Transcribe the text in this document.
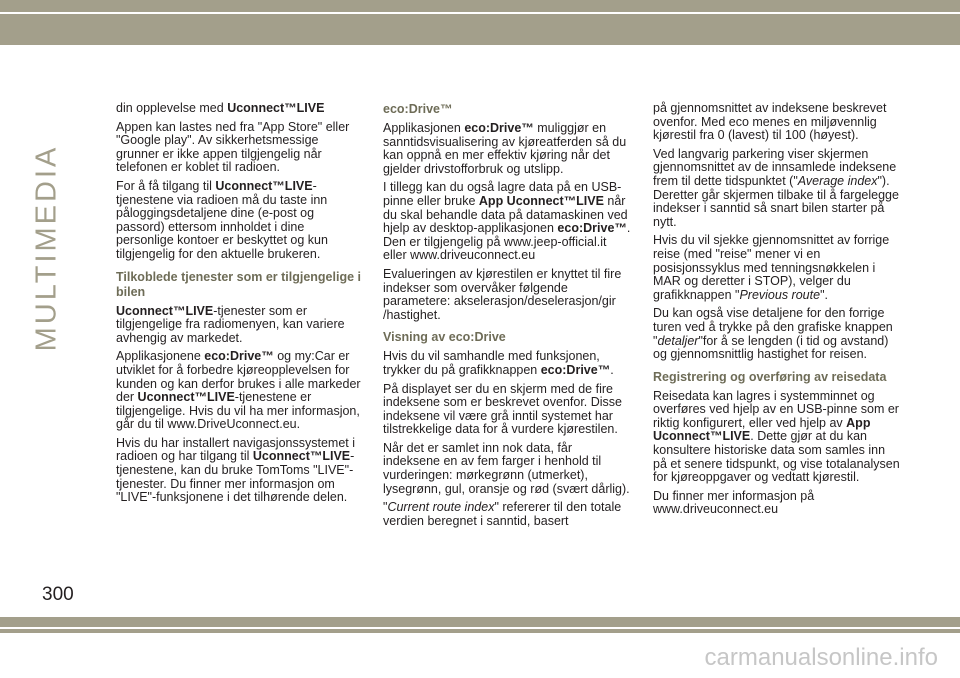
MULTIMEDIA

din opplevelse med Uconnect™LIVE

Appen kan lastes ned fra "App Store" eller "Google play". Av sikkerhetsmessige grunner er ikke appen tilgjengelig når telefonen er koblet til radioen.

For å få tilgang til Uconnect™LIVE-tjenestene via radioen må du taste inn påloggingsdetaljene dine (e-post og passord) ettersom innholdet i dine personlige kontoer er beskyttet og kun tilgjengelig for den aktuelle brukeren.

Tilkoblede tjenester som er tilgjengelige i bilen

Uconnect™LIVE-tjenester som er tilgjengelige fra radiomenyen, kan variere avhengig av markedet.

Applikasjonene eco:Drive™ og my:Car er utviklet for å forbedre kjøreopplevelsen for kunden og kan derfor brukes i alle markeder der Uconnect™LIVE-tjenestene er tilgjengelige. Hvis du vil ha mer informasjon, går du til www.DriveUconnect.eu.

Hvis du har installert navigasjonssystemet i radioen og har tilgang til Uconnect™LIVE-tjenestene, kan du bruke TomToms "LIVE"-tjenester. Du finner mer informasjon om "LIVE"-funksjonene i det tilhørende delen.

eco:Drive™

Applikasjonen eco:Drive™ muliggjør en sanntidsvisualisering av kjøreatferden så du kan oppnå en mer effektiv kjøring når det gjelder drivstofforbruk og utslipp.

I tillegg kan du også lagre data på en USB-pinne eller bruke App Uconnect™LIVE når du skal behandle data på datamaskinen ved hjelp av desktop-applikasjonen eco:Drive™. Den er tilgjengelig på www.jeep-official.it eller www.driveuconnect.eu

Evalueringen av kjørestilen er knyttet til fire indekser som overvåker følgende parametere: akselerasjon/deselerasjon/gir /hastighet.

Visning av eco:Drive

Hvis du vil samhandle med funksjonen, trykker du på grafikknappen eco:Drive™.

På displayet ser du en skjerm med de fire indeksene som er beskrevet ovenfor. Disse indeksene vil være grå inntil systemet har tilstrekkelige data for å vurdere kjørestilen.

Når det er samlet inn nok data, får indeksene en av fem farger i henhold til vurderingen: mørkegrønn (utmerket), lysegrønn, gul, oransje og rød (svært dårlig).

"Current route index" refererer til den totale verdien beregnet i sanntid, basert

på gjennomsnittet av indeksene beskrevet ovenfor. Med eco menes en miljøvennlig kjørestil fra 0 (lavest) til 100 (høyest).

Ved langvarig parkering viser skjermen gjennomsnittet av de innsamlede indeksene frem til dette tidspunktet ("Average index"). Deretter går skjermen tilbake til å fargelegge indekser i sanntid så snart bilen starter på nytt.

Hvis du vil sjekke gjennomsnittet av forrige reise (med "reise" mener vi en posisjonssyklus med tenningsnøkkelen i MAR og deretter i STOP), velger du grafikknappen "Previous route".

Du kan også vise detaljene for den forrige turen ved å trykke på den grafiske knappen "detaljer"for å se lengden (i tid og avstand) og gjennomsnittlig hastighet for reisen.

Registrering og overføring av reisedata

Reisedata kan lagres i systemminnet og overføres ved hjelp av en USB-pinne som er riktig konfigurert, eller ved hjelp av App Uconnect™LIVE. Dette gjør at du kan konsultere historiske data som samles inn på et senere tidspunkt, og vise totalanalysen for kjøreoppgaver og vedtatt kjørestil.

Du finner mer informasjon på www.driveuconnect.eu

300
carmanualsonline.info
